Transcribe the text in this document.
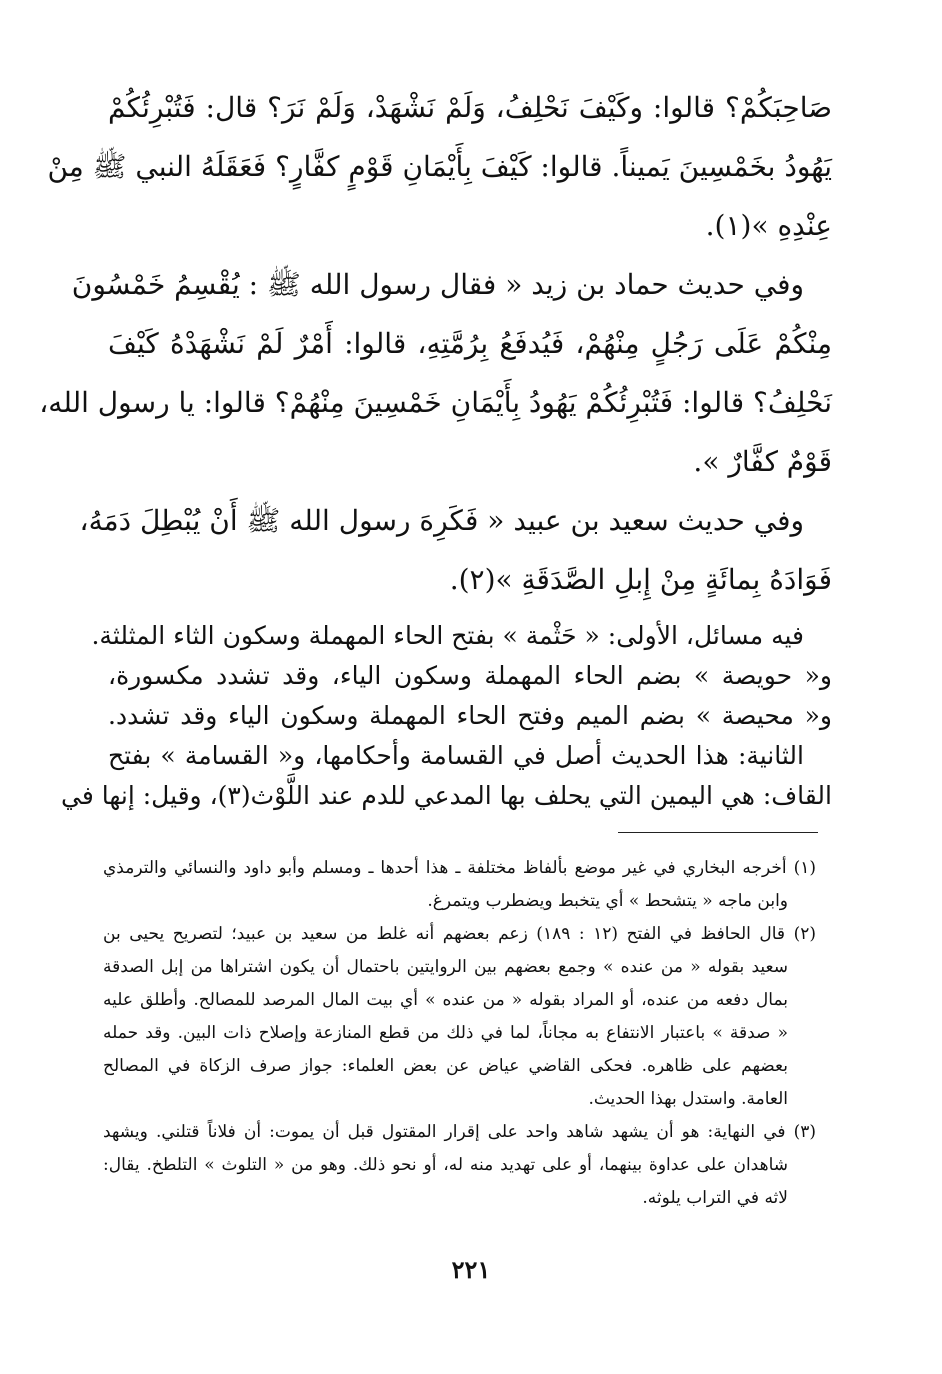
صَاحِبَكُمْ؟ قالوا: وكَيْفَ نَحْلِفُ، وَلَمْ نَشْهَدْ، وَلَمْ نَرَ؟ قال: فَتُبْرِئُكُمْ
يَهُودُ بخَمْسِينَ يَميناً. قالوا: كَيْفَ بِأَيْمَانِ قَوْمٍ كفَّارٍ؟ فَعَقَلَهُ النبي ﷺ مِنْ
عِنْدِهِ »(١).
وفي حديث حماد بن زيد « فقال رسول الله ﷺ : يُقْسِمُ خَمْسُونَ
مِنْكُمْ عَلَى رَجُلٍ مِنْهُمْ، فَيُدفَعُ بِرُمَّتِهِ، قالوا: أَمْرٌ لَمْ نَشْهَدْهُ كَيْفَ
نَحْلِفُ؟ قالوا: فَتُبْرِئُكُمْ يَهُودُ بِأَيْمَانِ خَمْسِينَ مِنْهُمْ؟ قالوا: يا رسول الله،
قَوْمٌ كفَّارٌ ».
وفي حديث سعيد بن عبيد « فَكَرِهَ رسول الله ﷺ أَنْ يُبْطِلَ دَمَهُ،
فَوَادَهُ بِمائَةٍ مِنْ إِبلِ الصَّدَقَةِ »(٢).
فيه مسائل، الأولى: « حَثْمة » بفتح الحاء المهملة وسكون الثاء المثلثة.
و« حويصة » بضم الحاء المهملة وسكون الياء، وقد تشدد مكسورة،
و« محيصة » بضم الميم وفتح الحاء المهملة وسكون الياء وقد تشدد.
الثانية: هذا الحديث أصل في القسامة وأحكامها، و« القسامة » بفتح
القاف: هي اليمين التي يحلف بها المدعي للدم عند اللَّوْث(٣)، وقيل: إنها في
(١) أخرجه البخاري في غير موضع بألفاظ مختلفة ـ هذا أحدها ـ ومسلم وأبو داود والنسائي والترمذي
وابن ماجه « يتشحط » أي يتخبط ويضطرب ويتمرغ.
(٢) قال الحافظ في الفتح (١٢ : ١٨٩) زعم بعضهم أنه غلط من سعيد بن عبيد؛ لتصريح يحيى بن
سعيد بقوله « من عنده » وجمع بعضهم بين الروايتين باحتمال أن يكون اشتراها من إبل الصدقة
بمال دفعه من عنده، أو المراد بقوله « من عنده » أي بيت المال المرصد للمصالح. وأطلق عليه
« صدقة » باعتبار الانتفاع به مجاناً، لما في ذلك من قطع المنازعة وإصلاح ذات البين. وقد حمله
بعضهم على ظاهره. فحكى القاضي عياض عن بعض العلماء: جواز صرف الزكاة في المصالح
العامة. واستدل بهذا الحديث.
(٣) في النهاية: هو أن يشهد شاهد واحد على إقرار المقتول قبل أن يموت: أن فلاناً قتلني. ويشهد
شاهدان على عداوة بينهما، أو على تهديد منه له، أو نحو ذلك. وهو من « التلوث » التلطخ. يقال:
لاثه في التراب يلوثه.
٢٢١
